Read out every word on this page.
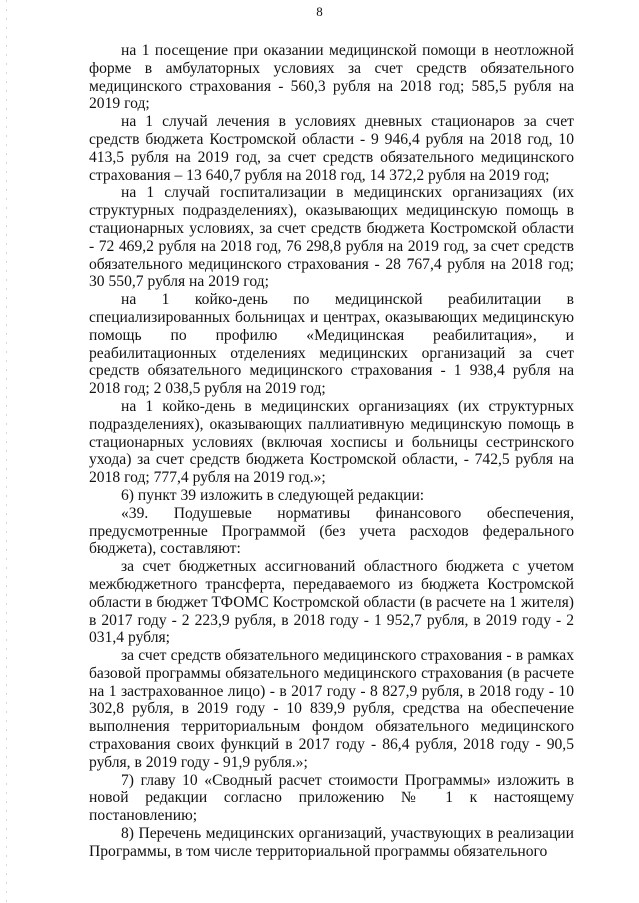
8

на 1 посещение при оказании медицинской помощи в неотложной форме в амбулаторных условиях за счет средств обязательного медицинского страхования - 560,3 рубля на 2018 год; 585,5 рубля на 2019 год;

на 1 случай лечения в условиях дневных стационаров за счет средств бюджета Костромской области - 9 946,4 рубля на 2018 год, 10 413,5 рубля на 2019 год, за счет средств обязательного медицинского страхования – 13 640,7 рубля на 2018 год, 14 372,2 рубля на 2019 год;

на 1 случай госпитализации в медицинских организациях (их структурных подразделениях), оказывающих медицинскую помощь в стационарных условиях, за счет средств бюджета Костромской области - 72 469,2 рубля на 2018 год, 76 298,8 рубля на 2019 год, за счет средств обязательного медицинского страхования - 28 767,4 рубля на 2018 год; 30 550,7 рубля на 2019 год;

на 1 койко-день по медицинской реабилитации в специализированных больницах и центрах, оказывающих медицинскую помощь по профилю «Медицинская реабилитация», и реабилитационных отделениях медицинских организаций за счет средств обязательного медицинского страхования - 1 938,4 рубля на 2018 год; 2 038,5 рубля на 2019 год;

на 1 койко-день в медицинских организациях (их структурных подразделениях), оказывающих паллиативную медицинскую помощь в стационарных условиях (включая хосписы и больницы сестринского ухода) за счет средств бюджета Костромской области, - 742,5 рубля на 2018 год; 777,4 рубля на 2019 год.»;

6) пункт 39 изложить в следующей редакции:

«39. Подушевые нормативы финансового обеспечения, предусмотренные Программой (без учета расходов федерального бюджета), составляют:

за счет бюджетных ассигнований областного бюджета с учетом межбюджетного трансферта, передаваемого из бюджета Костромской области в бюджет ТФОМС Костромской области (в расчете на 1 жителя) в 2017 году - 2 223,9 рубля, в 2018 году - 1 952,7 рубля, в 2019 году - 2 031,4 рубля;

за счет средств обязательного медицинского страхования - в рамках базовой программы обязательного медицинского страхования (в расчете на 1 застрахованное лицо) - в 2017 году - 8 827,9 рубля, в 2018 году - 10 302,8 рубля, в 2019 году - 10 839,9 рубля, средства на обеспечение выполнения территориальным фондом обязательного медицинского страхования своих функций в 2017 году - 86,4 рубля, 2018 году - 90,5 рубля, в 2019 году - 91,9 рубля.»;

7) главу 10 «Сводный расчет стоимости Программы» изложить в новой редакции согласно приложению № 1 к настоящему постановлению;

8) Перечень медицинских организаций, участвующих в реализации Программы, в том числе территориальной программы обязательного
